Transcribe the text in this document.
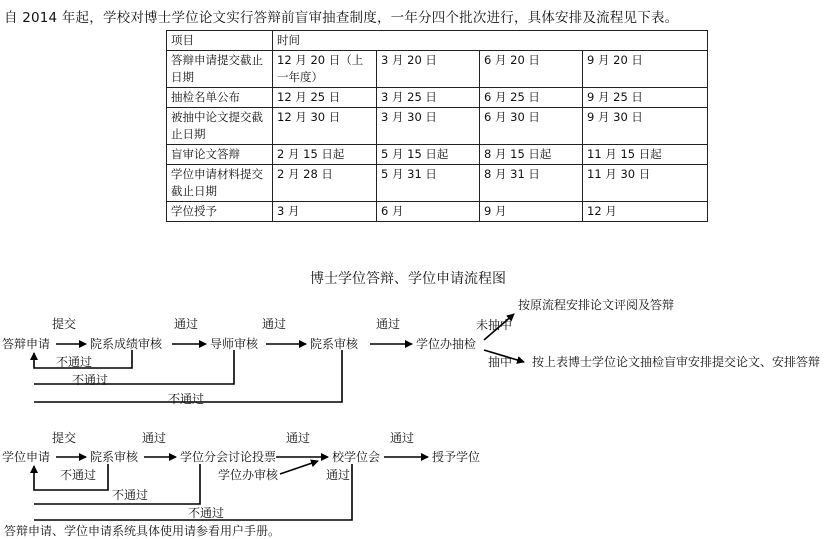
自 2014 年起，学校对博士学位论文实行答辩前盲审抽查制度，一年分四个批次进行，具体安排及流程见下表。
项目	时间			
答辩申请提交截止日期	12 月 20 日（上一年度）	3 月 20 日	6 月 20 日	9 月 20 日
抽检名单公布	12 月 25 日	3 月 25 日	6 月 25 日	9 月 25 日
被抽中论文提交截止日期	12 月 30 日	3 月 30 日	6 月 30 日	9 月 30 日
盲审论文答辩	2 月 15 日起	5 月 15 日起	8 月 15 日起	11 月 15 日起
学位申请材料提交截止日期	2 月 28 日	5 月 31 日	8 月 31 日	11 月 30 日
学位授予	3 月	6 月	9 月	12 月
博士学位答辩、学位申请流程图
答辩申请	院系成绩审核	导师审核	院系审核	学位办抽检
提交	通过	通过	通过	未抽中
抽中
按原流程安排论文评阅及答辩
按上表博士学位论文抽检盲审安排提交论文、安排答辩
不通过
不通过
不通过
学位申请	院系审核	学位分会讨论投票	校学位会	授予学位
学位办审核
提交	通过	通过	通过
通过
不通过
不通过
不通过
答辩申请、学位申请系统具体使用请参看用户手册。
